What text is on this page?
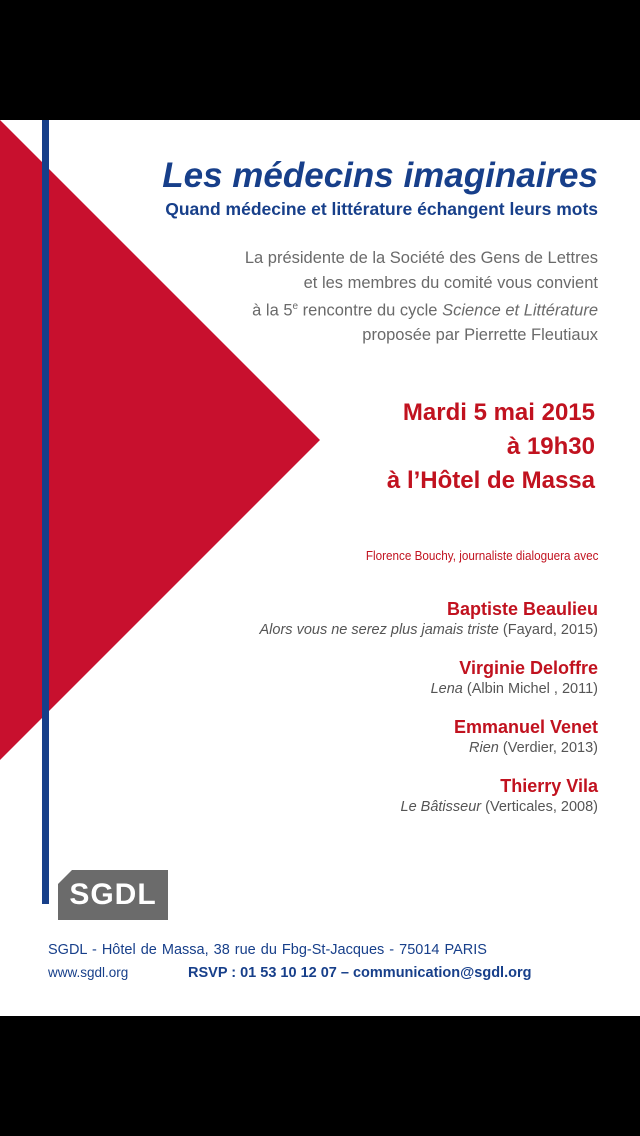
Les médecins imaginaires
Quand médecine et littérature échangent leurs mots
La présidente de la Société des Gens de Lettres
et les membres du comité vous convient
à la 5e rencontre du cycle Science et Littérature
proposée par Pierrette Fleutiaux
Mardi 5 mai 2015
à 19h30
à l’Hôtel de Massa
Florence Bouchy, journaliste dialoguera avec
Baptiste Beaulieu
Alors vous ne serez plus jamais triste (Fayard, 2015)
Virginie Deloffre
Lena (Albin Michel , 2011)
Emmanuel Venet
Rien (Verdier, 2013)
Thierry Vila
Le Bâtisseur (Verticales, 2008)
SGDL
SGDL - Hôtel de Massa, 38 rue du Fbg-St-Jacques - 75014 PARIS
www.sgdl.org	RSVP : 01 53 10 12 07 – communication@sgdl.org
